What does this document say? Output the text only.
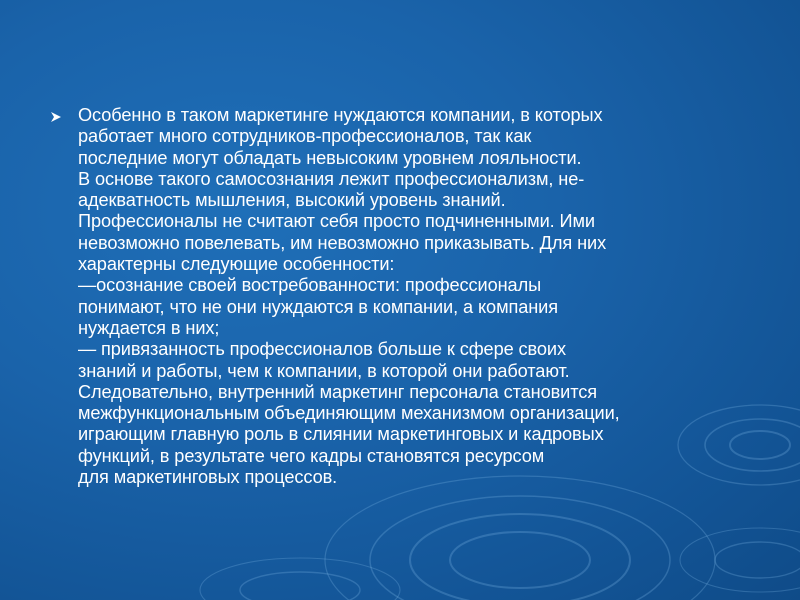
Особенно в таком маркетинге нуждаются компании, в которых
работает много сотрудников-профессионалов, так как
последние могут обладать невысоким уровнем лояльности.
В основе такого самосознания лежит профессионализм, не-
адекватность мышления, высокий уровень знаний.
Профессионалы не считают себя просто подчиненными. Ими
невозможно повелевать, им невозможно приказывать. Для них
характерны следующие особенности:
—осознание своей востребованности: профессионалы
понимают, что не они нуждаются в компании, а компания
нуждается в них;
— привязанность профессионалов больше к сфере своих
знаний и работы, чем к компании, в которой они работают.
Следовательно, внутренний маркетинг персонала становится
межфункциональным объединяющим механизмом организации,
играющим главную роль в слиянии маркетинговых и кадровых
функций, в результате чего кадры становятся ресурсом
для маркетинговых процессов.
